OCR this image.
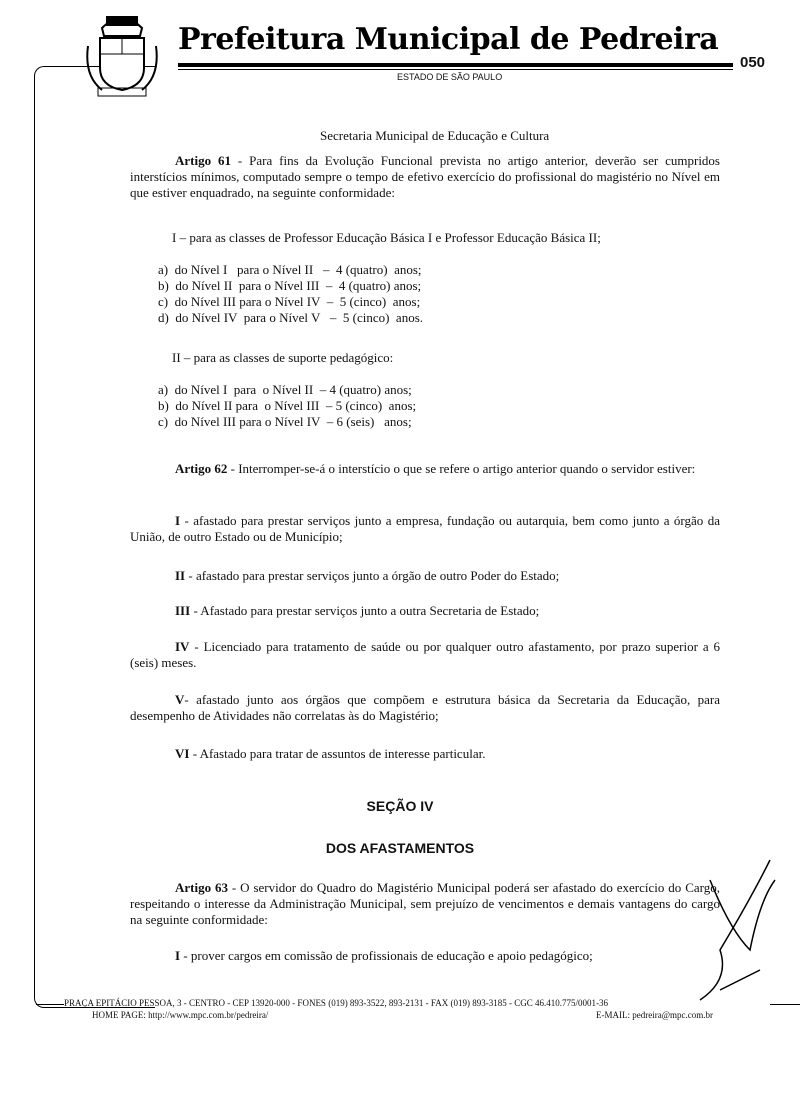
Prefeitura Municipal de Pedreira
050
ESTADO DE SÃO PAULO
Secretaria Municipal de Educação e Cultura
Artigo 61 - Para fins da Evolução Funcional prevista no artigo anterior, deverão ser cumpridos interstícios mínimos, computado sempre o tempo de efetivo exercício do profissional do magistério no Nível em que estiver enquadrado, na seguinte conformidade:
I – para as classes de Professor Educação Básica I e Professor Educação Básica II;
a)  do Nível I   para o Nível II   –  4 (quatro)  anos;
b)  do Nível II  para o Nível III  –  4 (quatro) anos;
c)  do Nível III para o Nível IV  –  5 (cinco)  anos;
d)  do Nível IV  para o Nível V   –  5 (cinco)  anos.
II – para as classes de suporte pedagógico:
a)  do Nível I  para  o Nível II  – 4 (quatro) anos;
b)  do Nível II para  o Nível III  – 5 (cinco)  anos;
c)  do Nível III para o Nível IV  – 6 (seis)   anos;
Artigo 62 - Interromper-se-á o interstício o que se refere o artigo anterior quando o servidor estiver:
I - afastado para prestar serviços junto a empresa, fundação ou autarquia, bem como junto a órgão da União, de outro Estado ou de Município;
II - afastado para prestar serviços junto a órgão de outro Poder do Estado;
III - Afastado para prestar serviços junto a outra Secretaria de Estado;
IV - Licenciado para tratamento de saúde ou por qualquer outro afastamento, por prazo superior a 6 (seis) meses.
V- afastado junto aos órgãos que compõem e estrutura básica da Secretaria da Educação, para desempenho de Atividades não correlatas às do Magistério;
VI - Afastado para tratar de assuntos de interesse particular.
SEÇÃO IV
DOS AFASTAMENTOS
Artigo 63 - O servidor do Quadro do Magistério Municipal poderá ser afastado do exercício do Cargo, respeitando o interesse da Administração Municipal, sem prejuízo de vencimentos e demais vantagens do cargo na seguinte conformidade:
I - prover cargos em comissão de profissionais de educação e apoio pedagógico;
PRAÇA EPITÁCIO PESSOA, 3 - CENTRO - CEP 13920-000 - FONES (019) 893-3522, 893-2131 - FAX (019) 893-3185 - CGC 46.410.775/0001-36
HOME PAGE: http://www.mpc.com.br/pedreira/	E-MAIL: pedreira@mpc.com.br
